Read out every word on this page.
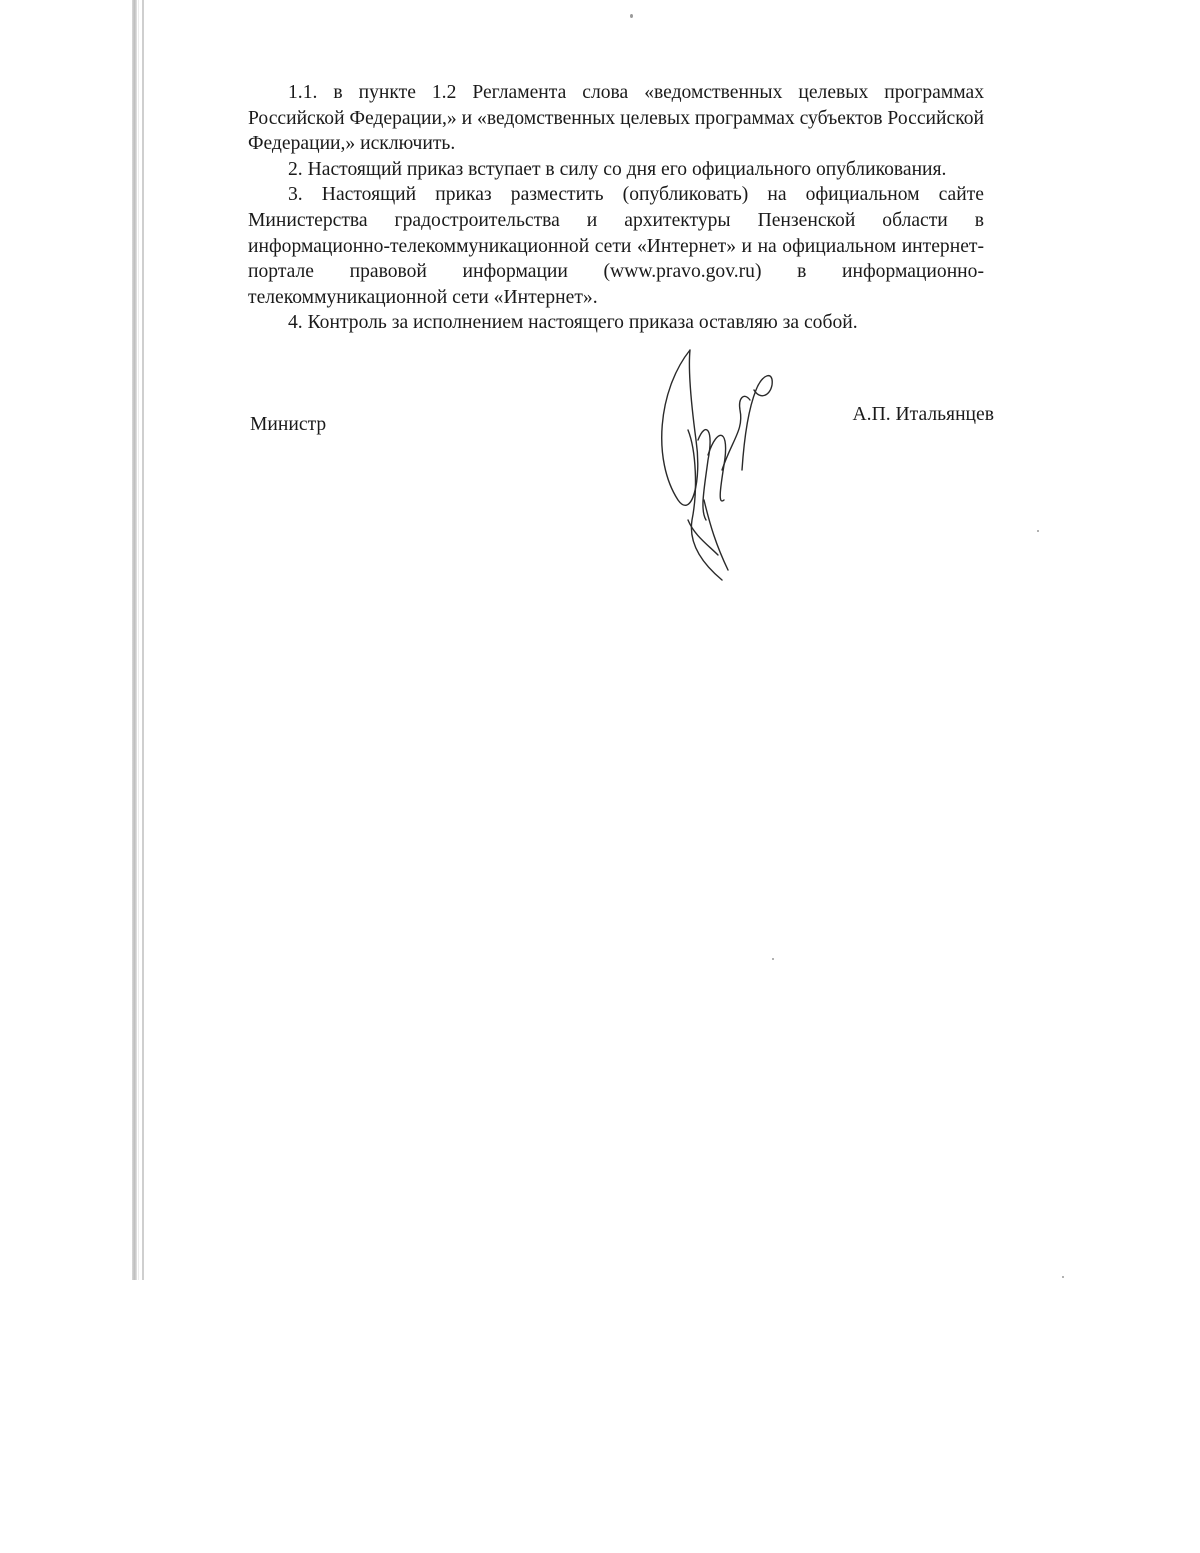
1.1. в пункте 1.2 Регламента слова «ведомственных целевых программах Российской Федерации,» и «ведомственных целевых программах субъектов Российской Федерации,» исключить.

2. Настоящий приказ вступает в силу со дня его официального опубликования.

3. Настоящий приказ разместить (опубликовать) на официальном сайте Министерства градостроительства и архитектуры Пензенской области в информационно-телекоммуникационной сети «Интернет» и на официальном интернет-портале правовой информации (www.pravo.gov.ru) в информационно-телекоммуникационной сети «Интернет».

4. Контроль за исполнением настоящего приказа оставляю за собой.

Министр	А.П. Итальянцев
